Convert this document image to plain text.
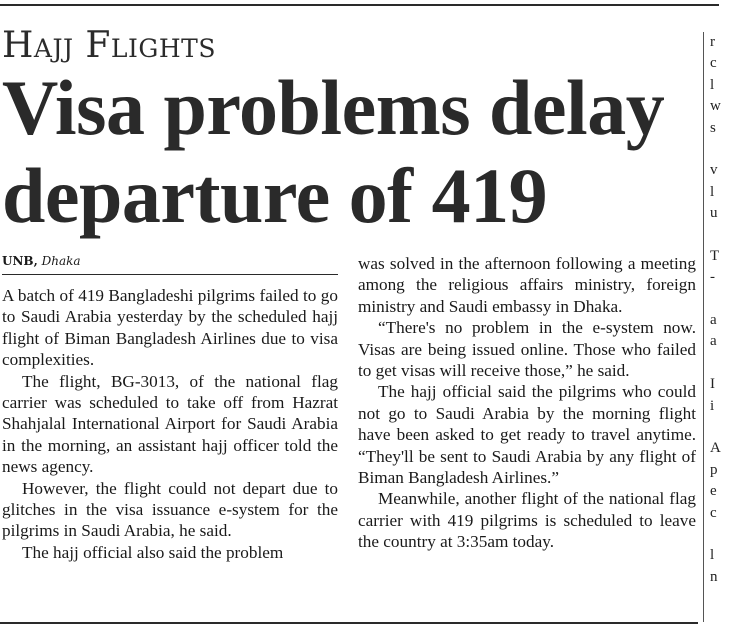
Hajj Flights
Visa problems delay departure of 419
UNB, Dhaka

A batch of 419 Bangladeshi pilgrims failed to go to Saudi Arabia yesterday by the scheduled hajj flight of Biman Bangladesh Airlines due to visa complexities.

The flight, BG-3013, of the national flag carrier was scheduled to take off from Hazrat Shahjalal International Airport for Saudi Arabia in the morning, an assistant hajj officer told the news agency.

However, the flight could not depart due to glitches in the visa issuance e-system for the pilgrims in Saudi Arabia, he said.

The hajj official also said the problem

was solved in the afternoon following a meeting among the religious affairs ministry, foreign ministry and Saudi embassy in Dhaka.

“There's no problem in the e-system now. Visas are being issued online. Those who failed to get visas will receive those,” he said.

The hajj official said the pilgrims who could not go to Saudi Arabia by the morning flight have been asked to get ready to travel anytime. “They'll be sent to Saudi Arabia by any flight of Biman Bangladesh Airlines.”

Meanwhile, another flight of the national flag carrier with 419 pilgrims is scheduled to leave the country at 3:35am today.

r
c
l
w
s
v
l
u
T
-
a
a
I
i
A
p
e
c
l
n
